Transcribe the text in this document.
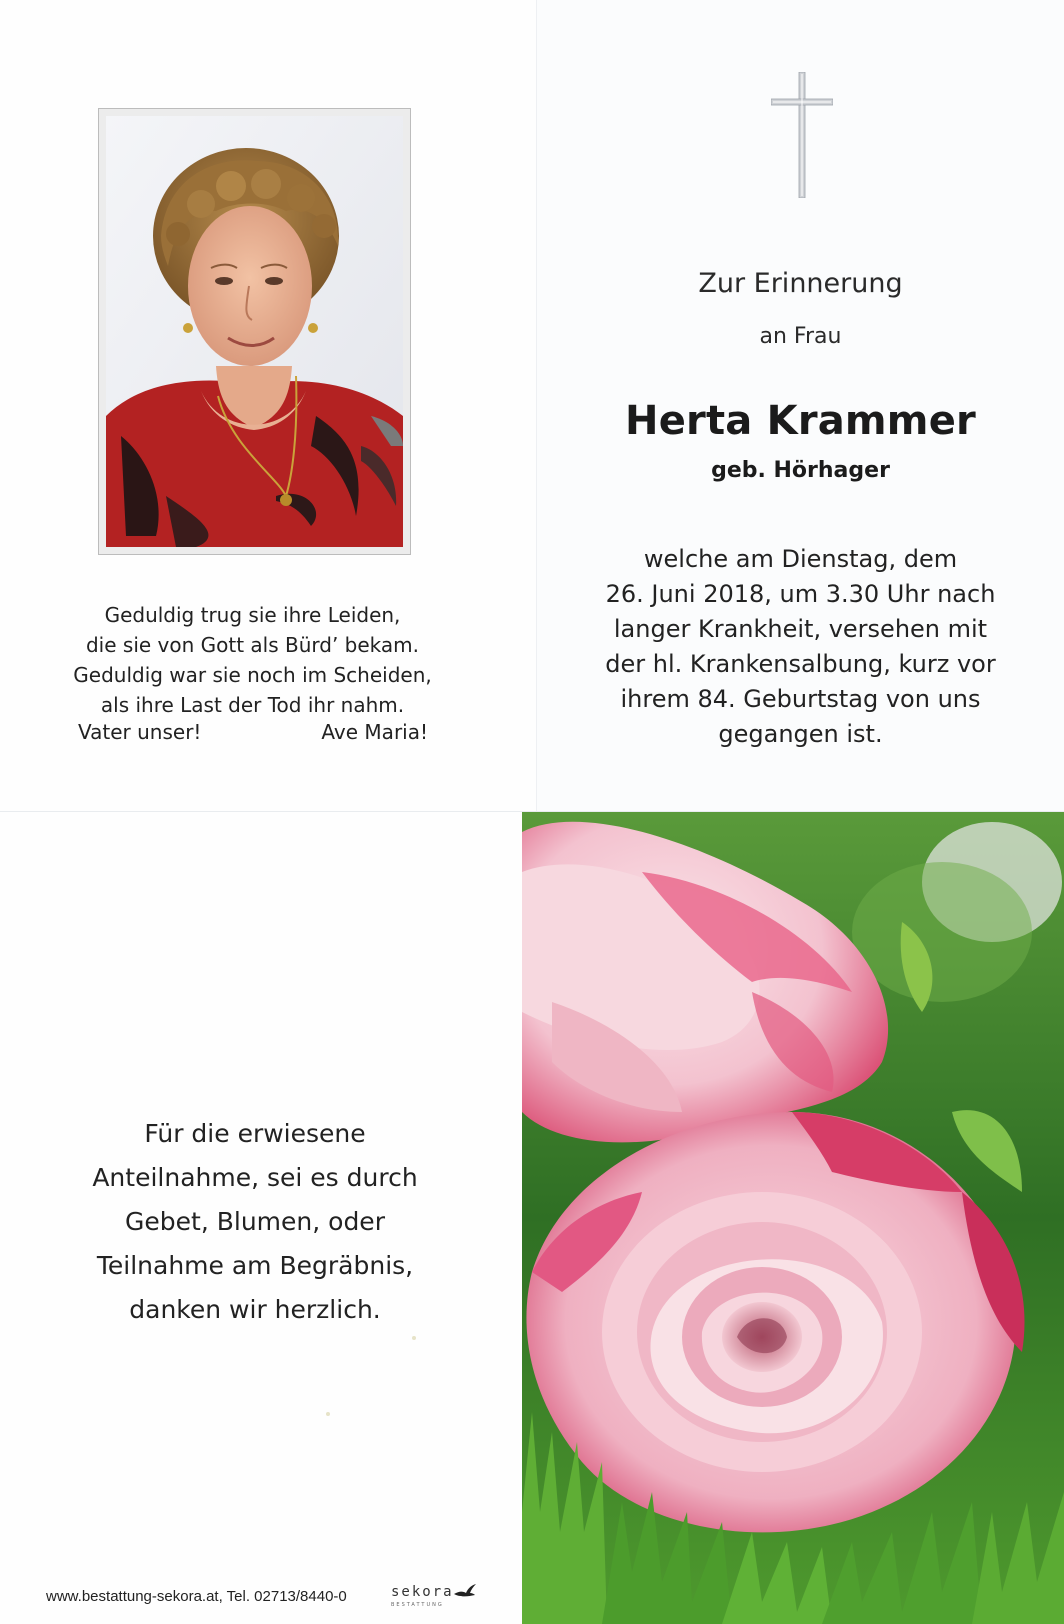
Geduldig trug sie ihre Leiden,
die sie von Gott als Bürd’ bekam.
Geduldig war sie noch im Scheiden,
als ihre Last der Tod ihr nahm.
Vater unser!	Ave Maria!
Zur Erinnerung
an Frau
Herta Krammer
geb. Hörhager
welche am Dienstag, dem
26. Juni 2018, um 3.30 Uhr nach
langer Krankheit, versehen mit
der hl. Krankensalbung, kurz vor
ihrem 84. Geburtstag von uns
gegangen ist.
Für die erwiesene
Anteilnahme, sei es durch
Gebet, Blumen, oder
Teilnahme am Begräbnis,
danken wir herzlich.
www.bestattung-sekora.at, Tel. 02713/8440-0	sekora
BESTATTUNG
